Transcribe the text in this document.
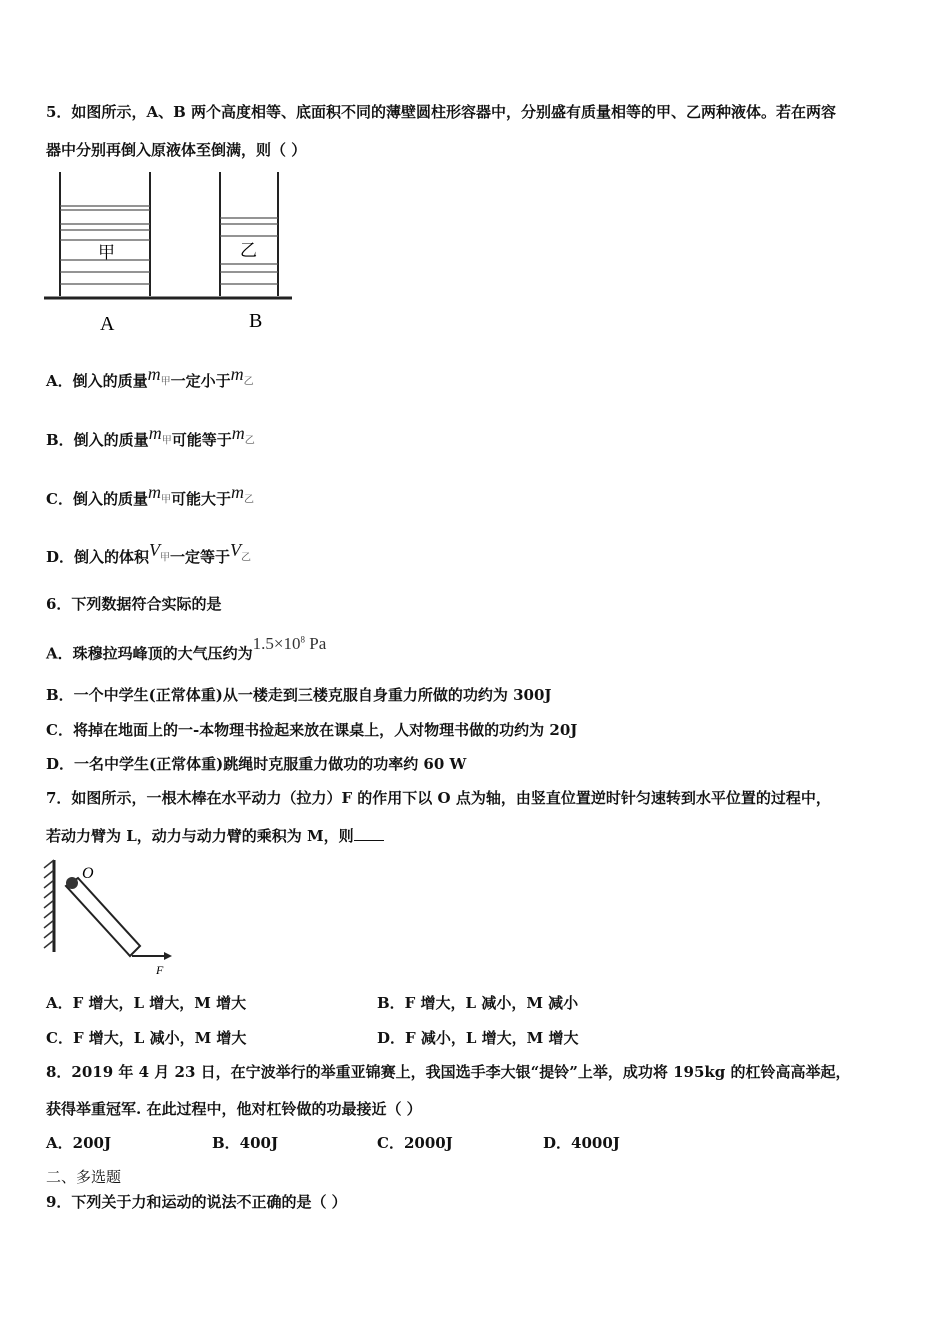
5．如图所示，A、B 两个高度相等、底面积不同的薄壁圆柱形容器中，分别盛有质量相等的甲、乙两种液体。若在两容
器中分别再倒入原液体至倒满，则（ ）
甲	乙
A	B
A．倒入的质量$m_甲$一定小于$m_乙$
B．倒入的质量$m_甲$可能等于$m_乙$
C．倒入的质量$m_甲$可能大于$m_乙$
D．倒入的体积$V_甲$一定等于$V_乙$
6．下列数据符合实际的是
A．珠穆拉玛峰顶的大气压约为$1.5\times 10^8$ Pa
B．一个中学生(正常体重)从一楼走到三楼克服自身重力所做的功约为 300J
C．将掉在地面上的一-本物理书捡起来放在课桌上，人对物理书做的功约为 20J
D．一名中学生(正常体重)跳绳时克服重力做功的功率约 60 W
7．如图所示，一根木棒在水平动力（拉力）F 的作用下以 O 点为轴，由竖直位置逆时针匀速转到水平位置的过程中，
若动力臂为 L，动力与动力臂的乘积为 M，则
O
F
A．F 增大，L 增大，M 增大	B．F 增大，L 减小，M 减小
C．F 增大，L 减小，M 增大	D．F 减小，L 增大，M 增大
8．2019 年 4 月 23 日，在宁波举行的举重亚锦赛上，我国选手李大银“提铃”上举，成功将 195kg 的杠铃高高举起，
获得举重冠军. 在此过程中，他对杠铃做的功最接近（ ）
A．200J	B．400J	C．2000J	D．4000J
二、多选题
9．下列关于力和运动的说法不正确的是（ ）
